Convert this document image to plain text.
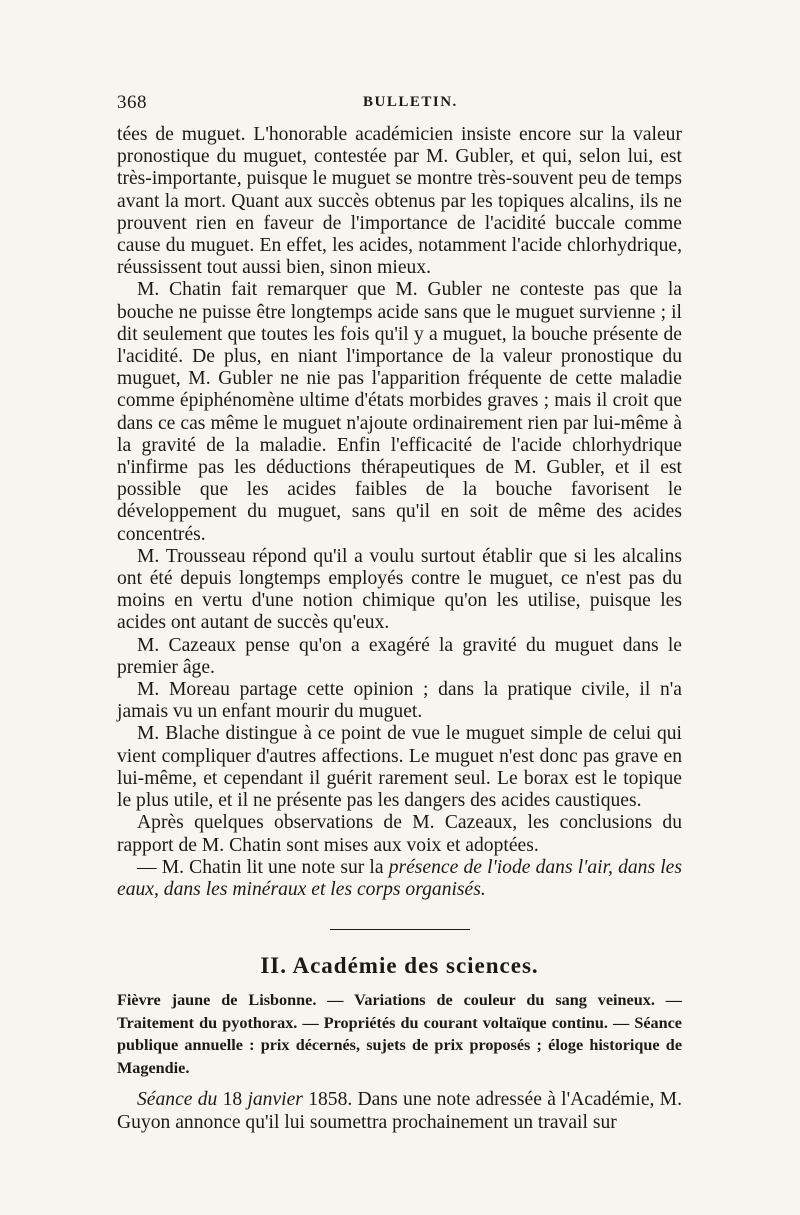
368	BULLETIN.

tées de muguet. L'honorable académicien insiste encore sur la valeur pronostique du muguet, contestée par M. Gubler, et qui, selon lui, est très-importante, puisque le muguet se montre très-souvent peu de temps avant la mort. Quant aux succès obtenus par les topiques alcalins, ils ne prouvent rien en faveur de l'importance de l'acidité buccale comme cause du muguet. En effet, les acides, notamment l'acide chlorhydrique, réussissent tout aussi bien, sinon mieux.

M. Chatin fait remarquer que M. Gubler ne conteste pas que la bouche ne puisse être longtemps acide sans que le muguet survienne ; il dit seulement que toutes les fois qu'il y a muguet, la bouche présente de l'acidité. De plus, en niant l'importance de la valeur pronostique du muguet, M. Gubler ne nie pas l'apparition fréquente de cette maladie comme épiphénomène ultime d'états morbides graves ; mais il croit que dans ce cas même le muguet n'ajoute ordinairement rien par lui-même à la gravité de la maladie. Enfin l'efficacité de l'acide chlorhydrique n'infirme pas les déductions thérapeutiques de M. Gubler, et il est possible que les acides faibles de la bouche favorisent le développement du muguet, sans qu'il en soit de même des acides concentrés.

M. Trousseau répond qu'il a voulu surtout établir que si les alcalins ont été depuis longtemps employés contre le muguet, ce n'est pas du moins en vertu d'une notion chimique qu'on les utilise, puisque les acides ont autant de succès qu'eux.

M. Cazeaux pense qu'on a exagéré la gravité du muguet dans le premier âge.

M. Moreau partage cette opinion ; dans la pratique civile, il n'a jamais vu un enfant mourir du muguet.

M. Blache distingue à ce point de vue le muguet simple de celui qui vient compliquer d'autres affections. Le muguet n'est donc pas grave en lui-même, et cependant il guérit rarement seul. Le borax est le topique le plus utile, et il ne présente pas les dangers des acides caustiques.

Après quelques observations de M. Cazeaux, les conclusions du rapport de M. Chatin sont mises aux voix et adoptées.

— M. Chatin lit une note sur la présence de l'iode dans l'air, dans les eaux, dans les minéraux et les corps organisés.

II. Académie des sciences.

Fièvre jaune de Lisbonne. — Variations de couleur du sang veineux. — Traitement du pyothorax. — Propriétés du courant voltaïque continu. — Séance publique annuelle : prix décernés, sujets de prix proposés ; éloge historique de Magendie.

Séance du 18 janvier 1858. Dans une note adressée à l'Académie, M. Guyon annonce qu'il lui soumettra prochainement un travail sur
